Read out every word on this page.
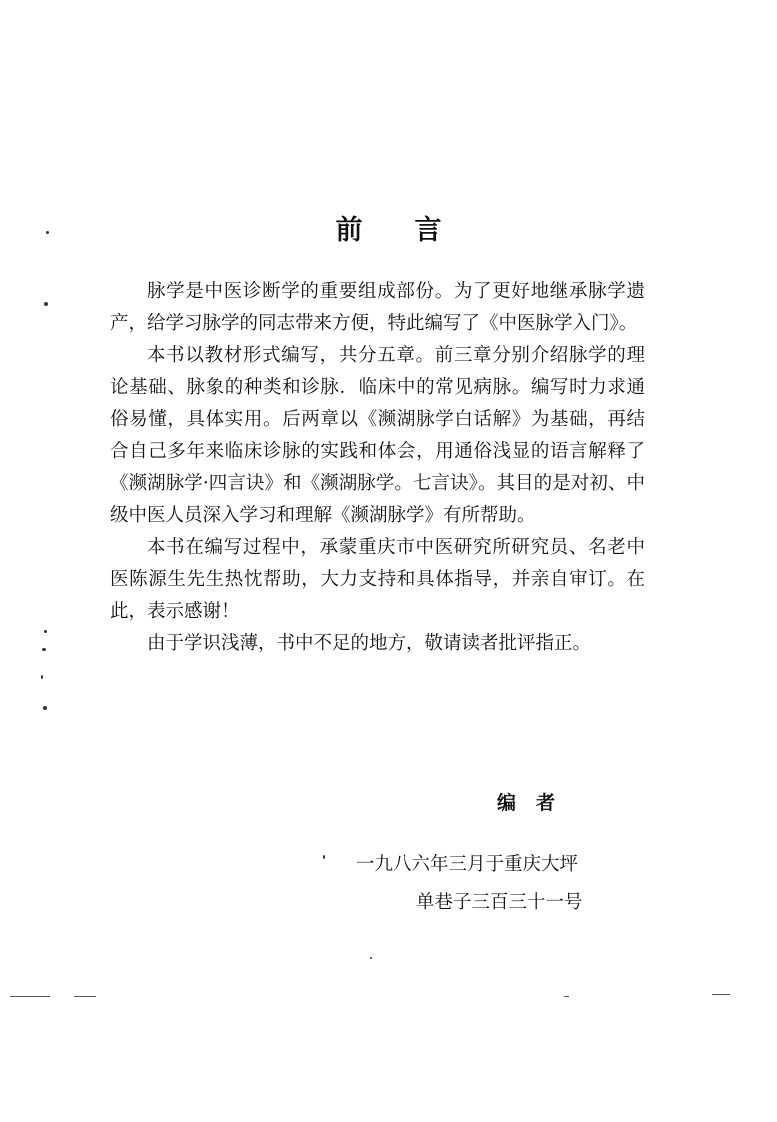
前言

脉学是中医诊断学的重要组成部份。为了更好地继承脉学遗产，给学习脉学的同志带来方便，特此编写了《中医脉学入门》。

本书以教材形式编写，共分五章。前三章分别介绍脉学的理论基础、脉象的种类和诊脉．临床中的常见病脉。编写时力求通俗易懂，具体实用。后两章以《濒湖脉学白话解》为基础，再结合自己多年来临床诊脉的实践和体会，用通俗浅显的语言解释了《濒湖脉学·四言诀》和《濒湖脉学。七言诀》。其目的是对初、中级中医人员深入学习和理解《濒湖脉学》有所帮助。

本书在编写过程中，承蒙重庆市中医研究所研究员、名老中医陈源生先生热忱帮助，大力支持和具体指导，并亲自审订。在此，表示感谢！

由于学识浅薄，书中不足的地方，敬请读者批评指正。

编者
一九八六年三月于重庆大坪
单巷子三百三十一号
